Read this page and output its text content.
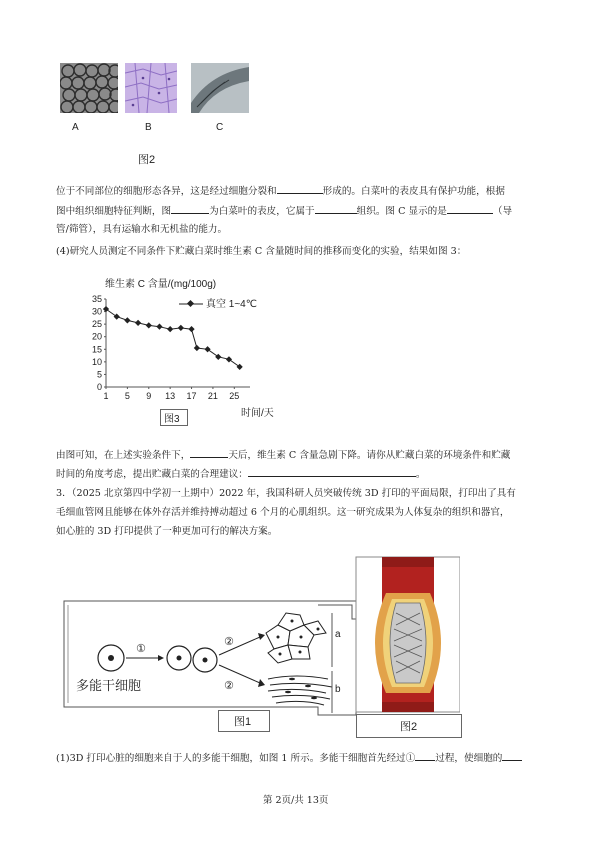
A	B	C
图2
位于不同部位的细胞形态各异，这是经过细胞分裂和	形成的。白菜叶的表皮具有保护功能，根据
图中组织细胞特征判断，图	为白菜叶的表皮，它属于	组织。图 C 显示的是	（导
管/筛管），具有运输水和无机盐的能力。
(4)研究人员测定不同条件下贮藏白菜时维生素 C 含量随时间的推移而变化的实验，结果如图 3：
维生素 C 含量/(mg/100g)
0
5
10
15
20
25
30
35
1 5 9 13 17 21 25
真空 1~4℃
时间/天
图3
由图可知，在上述实验条件下，	天后，维生素 C 含量急剧下降。请你从贮藏白菜的环境条件和贮藏
时间的角度考虑，提出贮藏白菜的合理建议：	。
3．（2025 北京第四中学初一上期中）2022 年，我国科研人员突破传统 3D 打印的平面局限，打印出了具有
毛细血管网且能够在体外存活并维持搏动超过 6 个月的心肌组织。这一研究成果为人体复杂的组织和器官，
如心脏的 3D 打印提供了一种更加可行的解决方案。
①
②
②
a
b
多能干细胞
图1	图2
(1)3D 打印心脏的细胞来自于人的多能干细胞，如图 1 所示。多能干细胞首先经过① 过程，使细胞的
第 2页/共 13页
